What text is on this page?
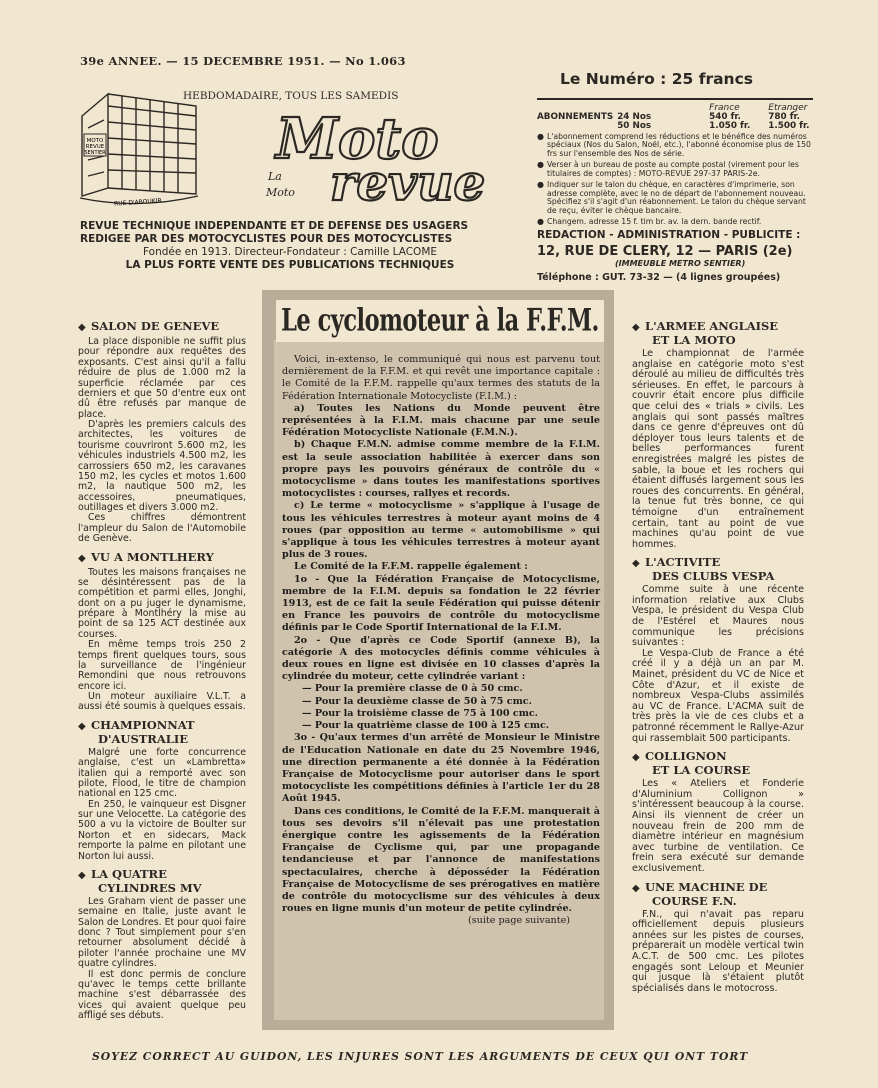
39e ANNEE. — 15 DECEMBRE 1951. — No 1.063
HEBDOMADAIRE, TOUS LES SAMEDIS
MOTO
REVUE
SENTIER
RUE D'ABOUKIR
Moto
La
Moto revue
REVUE TECHNIQUE INDEPENDANTE ET DE DEFENSE DES USAGERS
REDIGEE PAR DES MOTOCYCLISTES POUR DES MOTOCYCLISTES
Fondée en 1913. Directeur-Fondateur : Camille LACOME
LA PLUS FORTE VENTE DES PUBLICATIONS TECHNIQUES
Le Numéro : 25 francs
		France	Etranger
ABONNEMENTS	24 Nos	540 fr.	780 fr.
	50 Nos	1.050 fr.	1.500 fr.
● L'abonnement comprend les réductions et le bénéfice des numéros spéciaux (Nos du Salon, Noël, etc.), l'abonné économise plus de 150 frs sur l'ensemble des Nos de série.
● Verser à un bureau de poste au compte postal (virement pour les titulaires de comptes) : MOTO-REVUE 297-37 PARIS-2e.
● Indiquer sur le talon du chèque, en caractères d'imprimerie, son adresse complète, avec le no de départ de l'abonnement nouveau. Spécifiez s'il s'agit d'un réabonnement. Le talon du chèque servant de reçu, éviter le chèque bancaire.
● Changem. adresse 15 f. tim br. av. la dern. bande rectif.
REDACTION - ADMINISTRATION - PUBLICITE :
12, RUE DE CLERY, 12 — PARIS (2e)
(IMMEUBLE METRO SENTIER)
Téléphone : GUT. 73-32 — (4 lignes groupées)
◆ SALON DE GENEVE

La place disponible ne suffit plus pour répondre aux requêtes des exposants. C'est ainsi qu'il a fallu réduire de plus de 1.000 m2 la superficie réclamée par ces derniers et que 50 d'entre eux ont dû être refusés par manque de place.

D'après les premiers calculs des architectes, les voitures de tourisme couvriront 5.600 m2, les véhicules industriels 4.500 m2, les carrossiers 650 m2, les caravanes 150 m2, les cycles et motos 1.600 m2, la nautique 500 m2, les accessoires, pneumatiques, outillages et divers 3.000 m2.

Ces chiffres démontrent l'ampleur du Salon de l'Automobile de Genève.

◆ VU A MONTLHERY

Toutes les maisons françaises ne se désintéressent pas de la compétition et parmi elles, Jonghi, dont on a pu juger le dynamisme, prépare à Montlhéry la mise au point de sa 125 ACT destinée aux courses.

En même temps trois 250 2 temps firent quelques tours, sous la surveillance de l'ingénieur Remondini que nous retrouvons encore ici.

Un moteur auxiliaire V.L.T. a aussi été soumis à quelques essais.

◆ CHAMPIONNAT
D'AUSTRALIE

Malgré une forte concurrence anglaise, c'est un «Lambretta» italien qui a remporté avec son pilote, Flood, le titre de champion national en 125 cmc.

En 250, le vainqueur est Disgner sur une Velocette. La catégorie des 500 a vu la victoire de Boulter sur Norton et en sidecars, Mack remporte la palme en pilotant une Norton lui aussi.

◆ LA QUATRE
CYLINDRES MV

Les Graham vient de passer une semaine en Italie, juste avant le Salon de Londres. Et pour quoi faire donc ? Tout simplement pour s'en retourner absolument décidé à piloter l'année prochaine une MV quatre cylindres.

Il est donc permis de conclure qu'avec le temps cette brillante machine s'est débarrassée des vices qui avaient quelque peu affligé ses débuts.

Le cyclomoteur à la F.F.M.

Voici, in-extenso, le communiqué qui nous est parvenu tout dernièrement de la F.F.M. et qui revêt une importance capitale : le Comité de la F.F.M. rappelle qu'aux termes des statuts de la Fédération Internationale Motocycliste (F.I.M.) :

a) Toutes les Nations du Monde peuvent être représentées à la F.I.M. mais chacune par une seule Fédération Motocycliste Nationale (F.M.N.).

b) Chaque F.M.N. admise comme membre de la F.I.M. est la seule association habilitée à exercer dans son propre pays les pouvoirs généraux de contrôle du « motocyclisme » dans toutes les manifestations sportives motocyclistes : courses, rallyes et records.

c) Le terme « motocyclisme » s'applique à l'usage de tous les véhicules terrestres à moteur ayant moins de 4 roues (par opposition au terme « automobilisme » qui s'applique à tous les véhicules terrestres à moteur ayant plus de 3 roues.

Le Comité de la F.F.M. rappelle également :

1o - Que la Fédération Française de Motocyclisme, membre de la F.I.M. depuis sa fondation le 22 février 1913, est de ce fait la seule Fédération qui puisse détenir en France les pouvoirs de contrôle du motocyclisme définis par le Code Sportif International de la F.I.M.

2o - Que d'après ce Code Sportif (annexe B), la catégorie A des motocycles définis comme véhicules à deux roues en ligne est divisée en 10 classes d'après la cylindrée du moteur, cette cylindrée variant :

— Pour la première classe de 0 à 50 cmc.

— Pour la deuxième classe de 50 à 75 cmc.

— Pour la troisième classe de 75 à 100 cmc.

— Pour la quatrième classe de 100 à 125 cmc.

3o - Qu'aux termes d'un arrêté de Monsieur le Ministre de l'Education Nationale en date du 25 Novembre 1946, une direction permanente a été donnée à la Fédération Française de Motocyclisme pour autoriser dans le sport motocycliste les compétitions définies à l'article 1er du 28 Août 1945.

Dans ces conditions, le Comité de la F.F.M. manquerait à tous ses devoirs s'il n'élevait pas une protestation énergique contre les agissements de la Fédération Française de Cyclisme qui, par une propagande tendancieuse et par l'annonce de manifestations spectaculaires, cherche à déposséder la Fédération Française de Motocyclisme de ses prérogatives en matière de contrôle du motocyclisme sur des véhicules à deux roues en ligne munis d'un moteur de petite cylindrée.

(suite page suivante)

◆ L'ARMEE ANGLAISE
ET LA MOTO

Le championnat de l'armée anglaise en catégorie moto s'est déroulé au milieu de difficultés très sérieuses. En effet, le parcours à couvrir était encore plus difficile que celui des « trials » civils. Les anglais qui sont passés maîtres dans ce genre d'épreuves ont dû déployer tous leurs talents et de belles performances furent enregistrées malgré les pistes de sable, la boue et les rochers qui étaient diffusés largement sous les roues des concurrents. En général, la tenue fut très bonne, ce qui témoigne d'un entraînement certain, tant au point de vue machines qu'au point de vue hommes.

◆ L'ACTIVITE
DES CLUBS VESPA

Comme suite à une récente information relative aux Clubs Vespa, le président du Vespa Club de l'Estérel et Maures nous communique les précisions suivantes :

Le Vespa-Club de France a été créé il y a déjà un an par M. Mainet, président du VC de Nice et Côte d'Azur, et il existe de nombreux Vespa-Clubs assimilés au VC de France. L'ACMA suit de très près la vie de ces clubs et a patronné récemment le Rallye-Azur qui rassemblait 500 participants.

◆ COLLIGNON
ET LA COURSE

Les « Ateliers et Fonderie d'Aluminium Collignon » s'intéressent beaucoup à la course. Ainsi ils viennent de créer un nouveau frein de 200 mm de diamètre intérieur en magnésium avec turbine de ventilation. Ce frein sera exécuté sur demande exclusivement.

◆ UNE MACHINE DE
COURSE F.N.

F.N., qui n'avait pas reparu officiellement depuis plusieurs années sur les pistes de courses, préparerait un modèle vertical twin A.C.T. de 500 cmc. Les pilotes engagés sont Leloup et Meunier qui jusque là s'étaient plutôt spécialisés dans le motocross.

SOYEZ CORRECT AU GUIDON, LES INJURES SONT LES ARGUMENTS DE CEUX QUI ONT TORT
